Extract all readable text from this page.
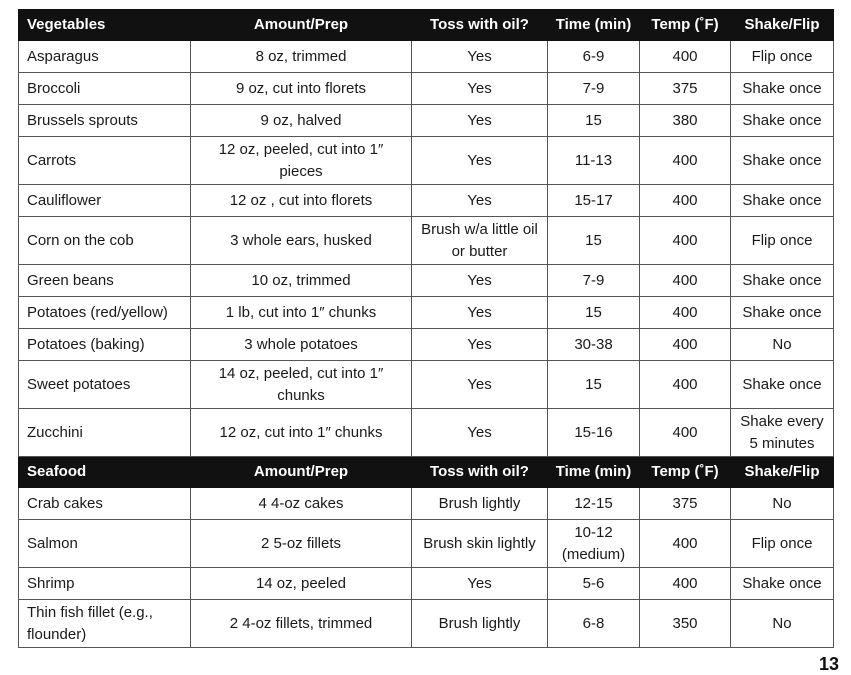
Vegetables	Amount/Prep	Toss with oil?	Time (min)	Temp (˚F)	Shake/Flip
Asparagus	8 oz, trimmed	Yes	6-9	400	Flip once
Broccoli	9 oz, cut into florets	Yes	7-9	375	Shake once
Brussels sprouts	9 oz, halved	Yes	15	380	Shake once
Carrots	12 oz, peeled, cut into 1″ pieces	Yes	11-13	400	Shake once
Cauliflower	12 oz , cut into florets	Yes	15-17	400	Shake once
Corn on the cob	3 whole ears, husked	Brush w/a little oil or butter	15	400	Flip once
Green beans	10 oz, trimmed	Yes	7-9	400	Shake once
Potatoes (red/yellow)	1 lb, cut into 1″ chunks	Yes	15	400	Shake once
Potatoes (baking)	3 whole potatoes	Yes	30-38	400	No
Sweet potatoes	14 oz, peeled, cut into 1″ chunks	Yes	15	400	Shake once
Zucchini	12 oz, cut into 1″ chunks	Yes	15-16	400	Shake every 5 minutes
Seafood	Amount/Prep	Toss with oil?	Time (min)	Temp (˚F)	Shake/Flip
Crab cakes	4 4-oz cakes	Brush lightly	12-15	375	No
Salmon	2 5-oz fillets	Brush skin lightly	10-12 (medium)	400	Flip once
Shrimp	14 oz, peeled	Yes	5-6	400	Shake once
Thin fish fillet (e.g., flounder)	2 4-oz fillets, trimmed	Brush lightly	6-8	350	No
13
